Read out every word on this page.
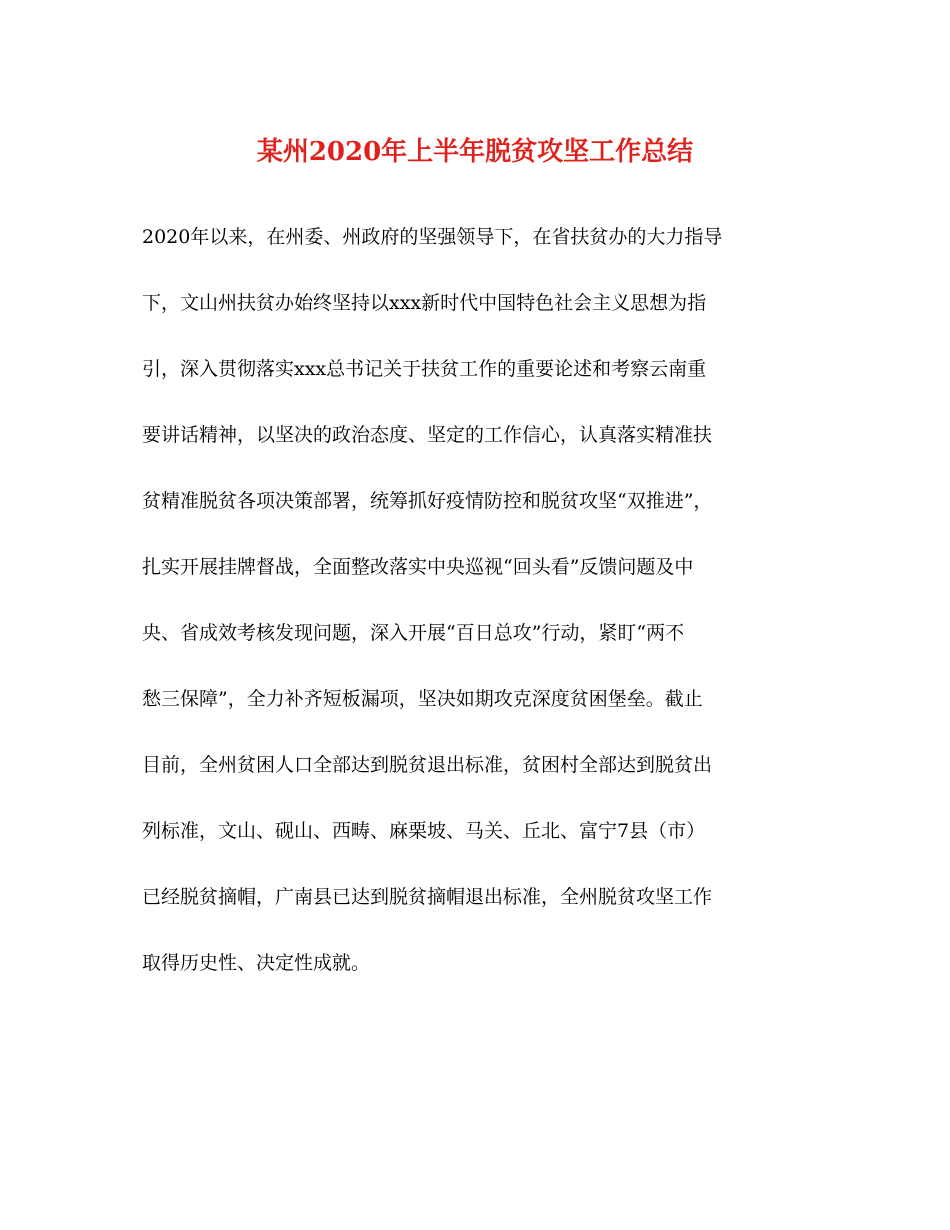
某州2020年上半年脱贫攻坚工作总结
2020年以来，在州委、州政府的坚强领导下，在省扶贫办的大力指导
下，文山州扶贫办始终坚持以xxx新时代中国特色社会主义思想为指
引，深入贯彻落实xxx总书记关于扶贫工作的重要论述和考察云南重
要讲话精神，以坚决的政治态度、坚定的工作信心，认真落实精准扶
贫精准脱贫各项决策部署，统筹抓好疫情防控和脱贫攻坚“双推进”，
扎实开展挂牌督战，全面整改落实中央巡视“回头看”反馈问题及中
央、省成效考核发现问题，深入开展“百日总攻”行动，紧盯“两不
愁三保障”，全力补齐短板漏项，坚决如期攻克深度贫困堡垒。截止
目前，全州贫困人口全部达到脱贫退出标准，贫困村全部达到脱贫出
列标准，文山、砚山、西畴、麻栗坡、马关、丘北、富宁7县（市）
已经脱贫摘帽，广南县已达到脱贫摘帽退出标准，全州脱贫攻坚工作
取得历史性、决定性成就。
